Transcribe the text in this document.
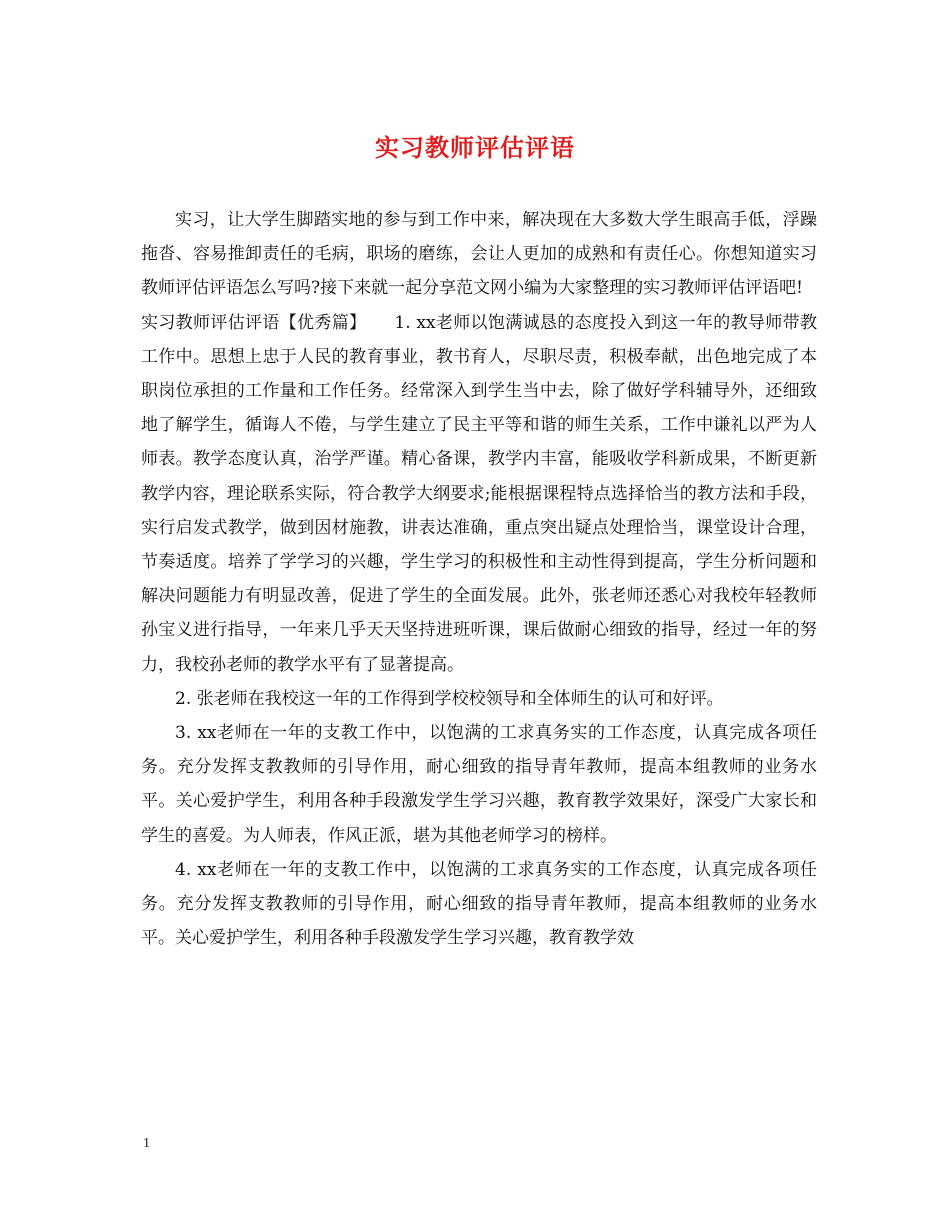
实习教师评估评语

实习，让大学生脚踏实地的参与到工作中来，解决现在大多数大学生眼高手低，浮躁拖沓、容易推卸责任的毛病，职场的磨练，会让人更加的成熟和有责任心。你想知道实习教师评估评语怎么写吗?接下来就一起分享范文网小编为大家整理的实习教师评估评语吧!

实习教师评估评语【优秀篇】 1. xx老师以饱满诚恳的态度投入到这一年的教导师带教工作中。思想上忠于人民的教育事业，教书育人，尽职尽责，积极奉献，出色地完成了本职岗位承担的工作量和工作任务。经常深入到学生当中去，除了做好学科辅导外，还细致地了解学生，循诲人不倦，与学生建立了民主平等和谐的师生关系，工作中谦礼以严为人师表。教学态度认真，治学严谨。精心备课，教学内丰富，能吸收学科新成果，不断更新教学内容，理论联系实际，符合教学大纲要求;能根据课程特点选择恰当的教方法和手段，实行启发式教学，做到因材施教，讲表达准确，重点突出疑点处理恰当，课堂设计合理，节奏适度。培养了学学习的兴趣，学生学习的积极性和主动性得到提高，学生分析问题和解决问题能力有明显改善，促进了学生的全面发展。此外，张老师还悉心对我校年轻教师孙宝义进行指导，一年来几乎天天坚持进班听课，课后做耐心细致的指导，经过一年的努力，我校孙老师的教学水平有了显著提高。

2. 张老师在我校这一年的工作得到学校校领导和全体师生的认可和好评。

3. xx老师在一年的支教工作中，以饱满的工求真务实的工作态度，认真完成各项任务。充分发挥支教教师的引导作用，耐心细致的指导青年教师，提高本组教师的业务水平。关心爱护学生，利用各种手段激发学生学习兴趣，教育教学效果好，深受广大家长和学生的喜爱。为人师表，作风正派，堪为其他老师学习的榜样。

4. xx老师在一年的支教工作中，以饱满的工求真务实的工作态度，认真完成各项任务。充分发挥支教教师的引导作用，耐心细致的指导青年教师，提高本组教师的业务水平。关心爱护学生，利用各种手段激发学生学习兴趣，教育教学效

1
